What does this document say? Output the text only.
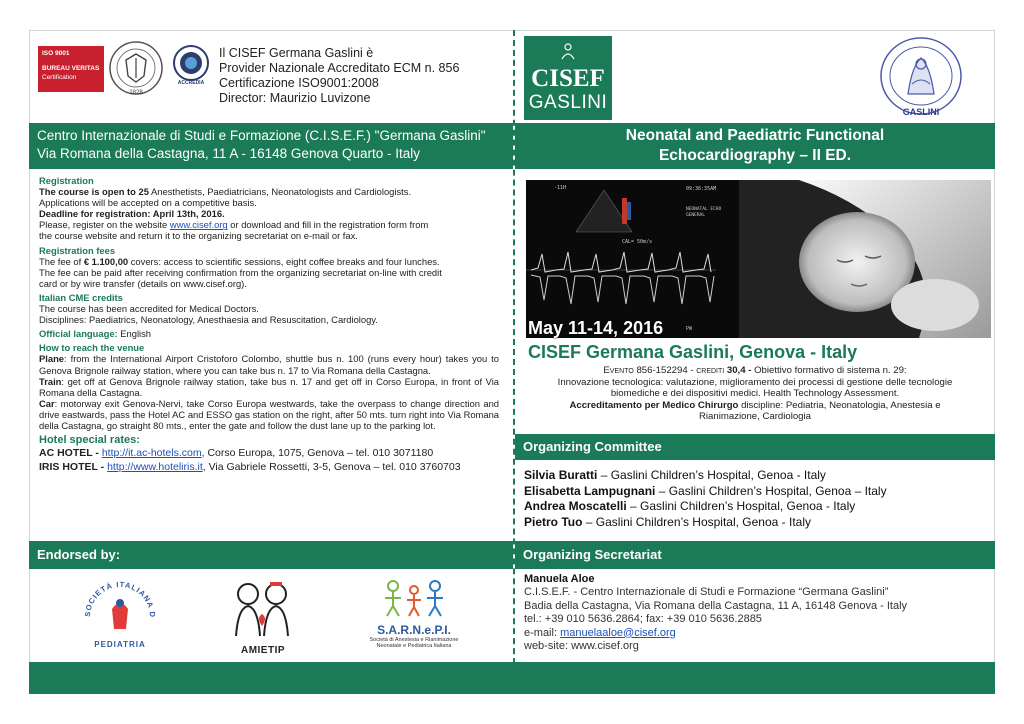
ISO 9001
BUREAU VERITAS
Certification
1828
ACCREDIA
Il CISEF Germana Gaslini è
Provider Nazionale Accreditato ECM n. 856
Certificazione ISO9001:2008
Director: Maurizio Luvizone
CISEF
GASLINI	GASLINI
Centro Internazionale di Studi e Formazione (C.I.S.E.F.) "Germana Gaslini"
Via Romana della Castagna, 11 A - 16148 Genova Quarto - Italy
Neonatal and Paediatric Functional
Echocardiography – II ED.
Registration

The course is open to 25 Anesthetists, Paediatricians, Neonatologists and Cardiologists.

Applications will be accepted on a competitive basis.

Deadline for registration: April 13th, 2016.

Please, register on the website www.cisef.org or download and fill in the registration form from

the course website and return it to the organizing secretariat on e-mail or fax.

Registration fees

The fee of € 1.100,00 covers: access to scientific sessions, eight coffee breaks and four lunches.

The fee can be paid after receiving confirmation from the organizing secretariat on-line with credit

card or by wire transfer (details on www.cisef.org).

Italian CME credits

The course has been accredited for Medical Doctors.

Disciplines: Paediatrics, Neonatology, Anesthaesia and Resuscitation, Cardiology.

Official language: English

How to reach the venue

Plane: from the International Airport Cristoforo Colombo, shuttle bus n. 100 (runs every hour) takes you to Genova Brignole railway station, where you can take bus n. 17 to Via Romana della Castagna.

Train: get off at Genova Brignole railway station, take bus n. 17 and get off in Corso Europa, in front of Via Romana della Castagna.

Car: motorway exit Genova-Nervi, take Corso Europa westwards, take the overpass to change direction and drive eastwards, pass the Hotel AC and ESSO gas station on the right, after 50 mts. turn right into Via Romana della Castagna, go straight 80 mts., enter the gate and follow the dust lane up to the parking lot.

Hotel special rates:

AC HOTEL - http://it.ac-hotels.com, Corso Europa, 1075, Genova – tel. 010 3071180

IRIS HOTEL - http://www.hoteliris.it, Via Gabriele Rossetti, 3-5, Genova – tel. 010 3760703

-11H	09:36:35AM
NEONATAL ECHO
GENERAL
CAL= 50m/s
PW
May 11-14, 2016
CISEF Germana Gaslini, Genova - Italy

Evento 856-152294 - crediti 30,4 - Obiettivo formativo di sistema n. 29:

Innovazione tecnologica: valutazione, miglioramento dei processi di gestione delle tecnologie

biomediche e dei dispositivi medici. Health Technology Assessment.

Accreditamento per Medico Chirurgo discipline: Pediatria, Neonatologia, Anestesia e

Rianimazione, Cardiologia

Organizing Committee
Silvia Buratti – Gaslini Children’s Hospital, Genoa - Italy
Elisabetta Lampugnani – Gaslini Children’s Hospital, Genoa – Italy
Andrea Moscatelli – Gaslini Children’s Hospital, Genoa - Italy
Pietro Tuo – Gaslini Children’s Hospital, Genoa - Italy
Endorsed by:	Organizing Secretariat
SOCIETÀ ITALIANA D
PEDIATRIA
AMIETIP
S.A.R.N.e.P.I.
Società di Anestesia e Rianimazione
Neonatale e Pediatrica Italiana
Manuela Aloe
C.I.S.E.F. - Centro Internazionale di Studi e Formazione “Germana Gaslini”
Badia della Castagna, Via Romana della Castagna, 11 A, 16148 Genova - Italy
tel.: +39 010 5636.2864; fax: +39 010 5636.2885
e-mail: manuelaaloe@cisef.org
web-site: www.cisef.org
